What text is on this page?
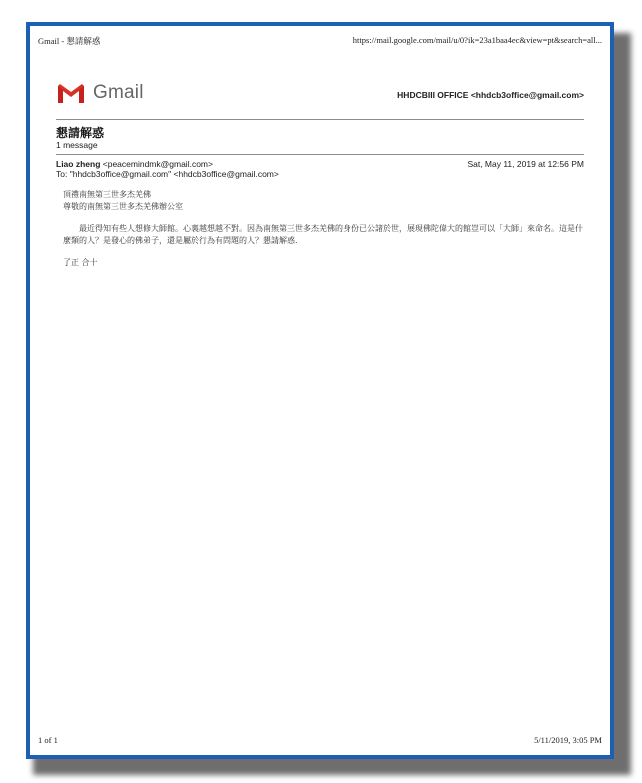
Gmail - 懇請解惑	https://mail.google.com/mail/u/0?ik=23a1baa4ec&view=pt&search=all...
Gmail	HHDCBIII OFFICE <hhdcb3office@gmail.com>
懇請解惑
1 message
Liao zheng <peacemindmk@gmail.com>	Sat, May 11, 2019 at 12:56 PM
To: "hhdcb3office@gmail.com" <hhdcb3office@gmail.com>

頂禮南無第三世多杰羌佛

尊敬的南無第三世多杰羌佛辦公室

最近得知有些人想修大師館。心裏越想越不對。因為南無第三世多杰羌佛的身份已公諸於世，展現佛陀偉大的館豈可以「大師」來命名。這是什麼類的人？是發心的佛弟子，還是屬於行為有問題的人？懇請解惑.

了正 合十

1 of 1	5/11/2019, 3:05 PM
